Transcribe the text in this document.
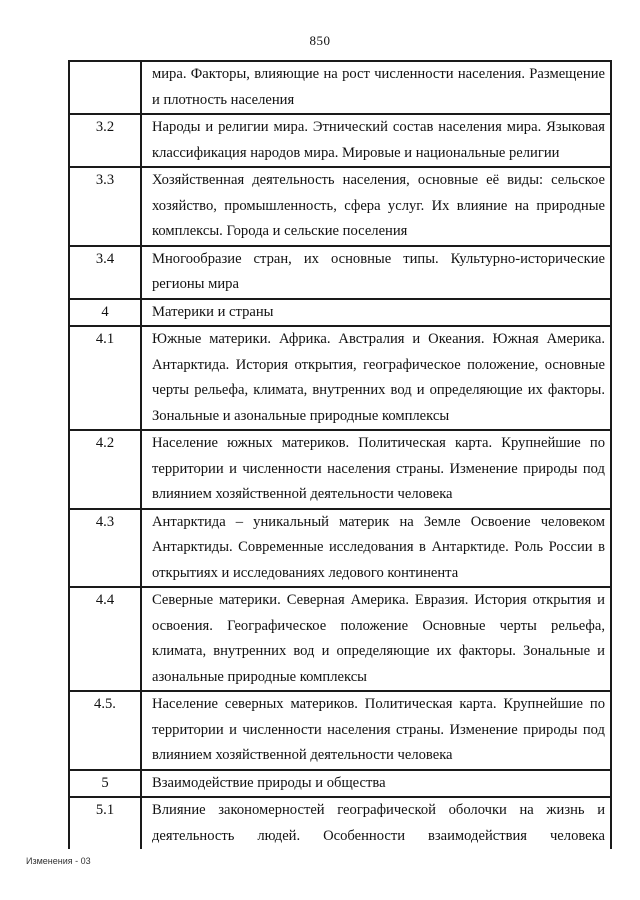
850
	мира. Факторы, влияющие на рост численности населения. Размещение и плотность населения
3.2	Народы и религии мира. Этнический состав населения мира. Языковая классификация народов мира. Мировые и национальные религии
3.3	Хозяйственная деятельность населения, основные её виды: сельское хозяйство, промышленность, сфера услуг. Их влияние на природные комплексы. Города и сельские поселения
3.4	Многообразие стран, их основные типы. Культурно-исторические регионы мира
4	Материки и страны
4.1	Южные материки. Африка. Австралия и Океания. Южная Америка. Антарктида. История открытия, географическое положение, основные черты рельефа, климата, внутренних вод и определяющие их факторы. Зональные и азональные природные комплексы
4.2	Население южных материков. Политическая карта. Крупнейшие по территории и численности населения страны. Изменение природы под влиянием хозяйственной деятельности человека
4.3	Антарктида – уникальный материк на Земле Освоение человеком Антарктиды. Современные исследования в Антарктиде. Роль России в открытиях и исследованиях ледового континента
4.4	Северные материки. Северная Америка. Евразия. История открытия и освоения. Географическое положение Основные черты рельефа, климата, внутренних вод и определяющие их факторы. Зональные и азональные природные комплексы
4.5.	Население северных материков. Политическая карта. Крупнейшие по территории и численности населения страны. Изменение природы под влиянием хозяйственной деятельности человека
5	Взаимодействие природы и общества
5.1	Влияние закономерностей географической оболочки на жизнь и деятельность людей. Особенности взаимодействия человека
Изменения - 03
